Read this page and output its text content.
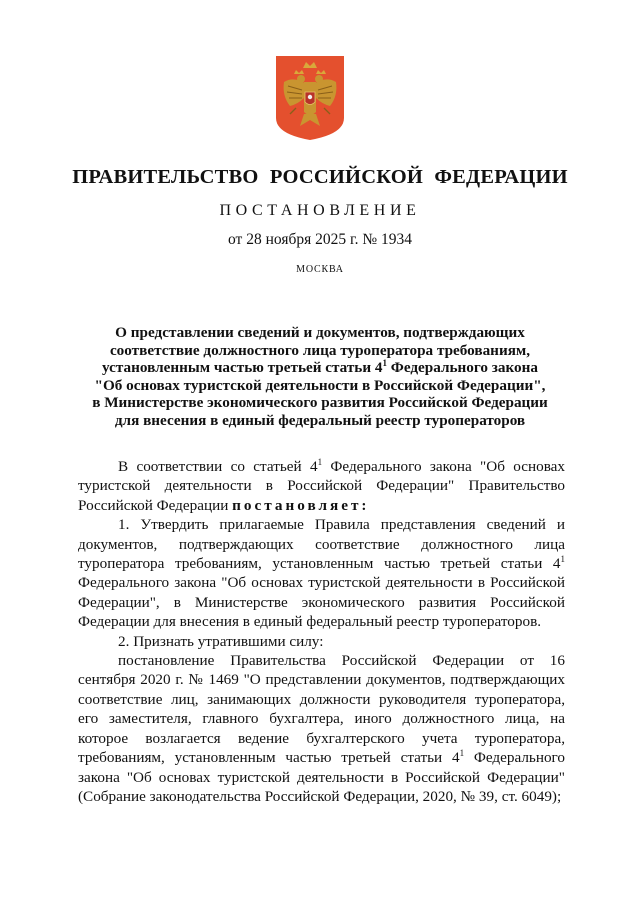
ПРАВИТЕЛЬСТВО РОССИЙСКОЙ ФЕДЕРАЦИИ
ПОСТАНОВЛЕНИЕ
от 28 ноября 2025 г. № 1934
МОСКВА
О представлении сведений и документов, подтверждающих
соответствие должностного лица туроператора требованиям,
установленным частью третьей статьи $4^1$ Федерального закона
"Об основах туристской деятельности в Российской Федерации",
в Министерстве экономического развития Российской Федерации
для внесения в единый федеральный реестр туроператоров

В соответствии со статьей $4^1$ Федерального закона "Об основах туристской деятельности в Российской Федерации" Правительство Российской Федерации постановляет:

1. Утвердить прилагаемые Правила представления сведений и документов, подтверждающих соответствие должностного лица туроператора требованиям, установленным частью третьей статьи $4^1$ Федерального закона "Об основах туристской деятельности в Российской Федерации", в Министерстве экономического развития Российской Федерации для внесения в единый федеральный реестр туроператоров.

2. Признать утратившими силу:

постановление Правительства Российской Федерации от 16 сентября 2020 г. № 1469 "О представлении документов, подтверждающих соответствие лиц, занимающих должности руководителя туроператора, его заместителя, главного бухгалтера, иного должностного лица, на которое возлагается ведение бухгалтерского учета туроператора, требованиям, установленным частью третьей статьи $4^1$ Федерального закона "Об основах туристской деятельности в Российской Федерации" (Собрание законодательства Российской Федерации, 2020, № 39, ст. 6049);
